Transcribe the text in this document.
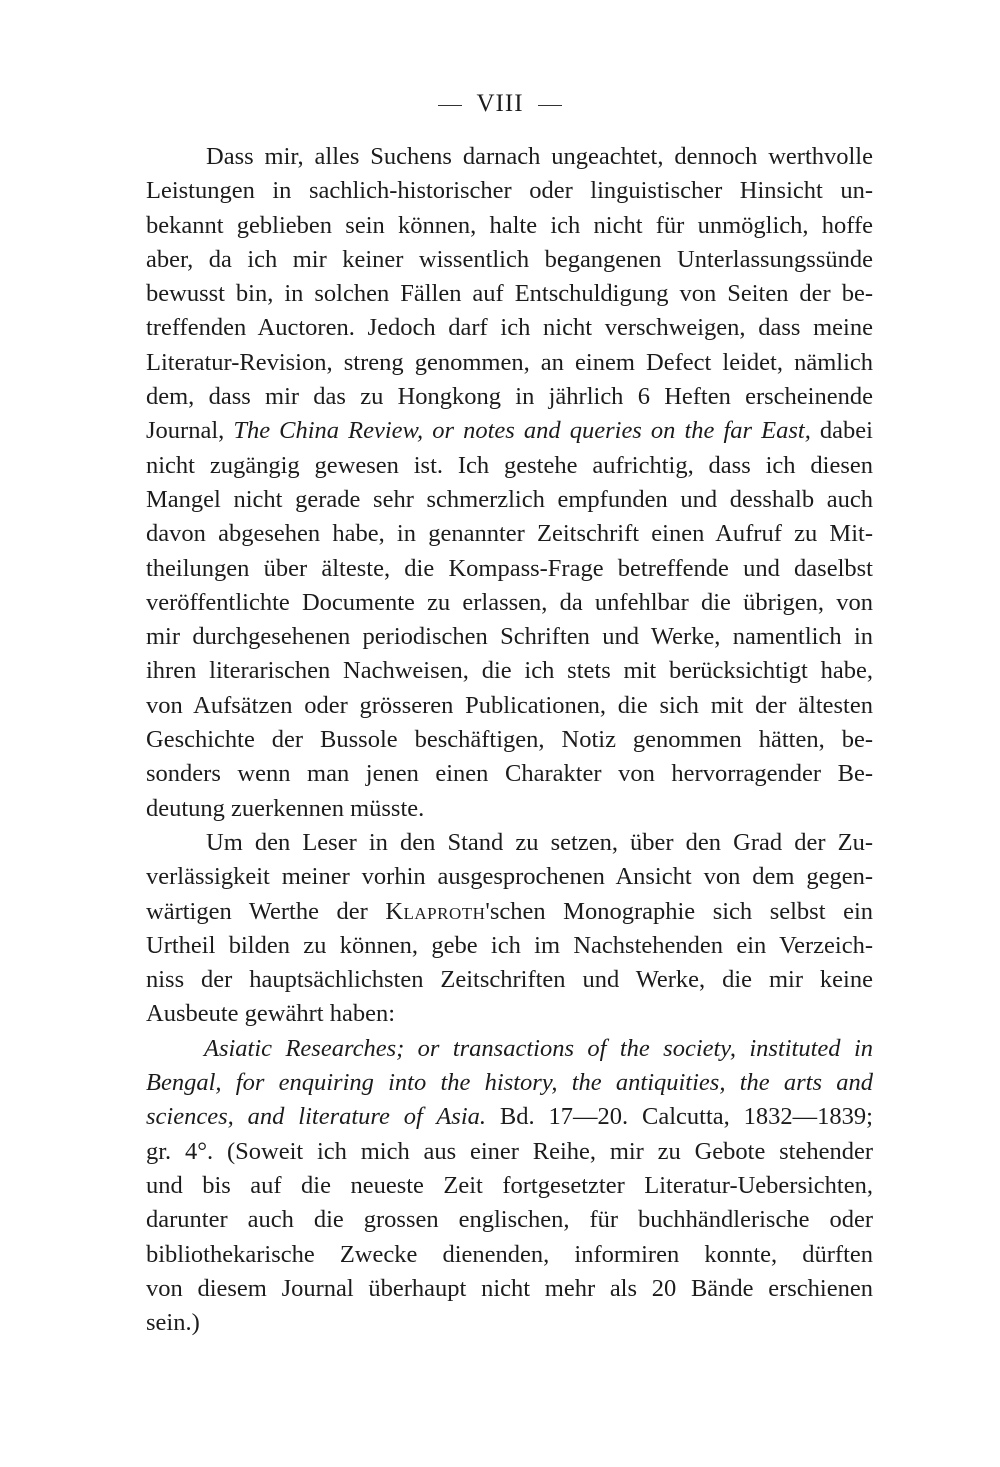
VIII
Dass mir, alles Suchens darnach ungeachtet, dennoch werthvolle
Leistungen in sachlich-historischer oder linguistischer Hinsicht un-
bekannt geblieben sein können, halte ich nicht für unmöglich, hoffe
aber, da ich mir keiner wissentlich begangenen Unterlassungssünde
bewusst bin, in solchen Fällen auf Entschuldigung von Seiten der be-
treffenden Auctoren. Jedoch darf ich nicht verschweigen, dass meine
Literatur-Revision, streng genommen, an einem Defect leidet, nämlich
dem, dass mir das zu Hongkong in jährlich 6 Heften erscheinende
Journal, The China Review, or notes and queries on the far East, dabei
nicht zugängig gewesen ist. Ich gestehe aufrichtig, dass ich diesen
Mangel nicht gerade sehr schmerzlich empfunden und desshalb auch
davon abgesehen habe, in genannter Zeitschrift einen Aufruf zu Mit-
theilungen über älteste, die Kompass-Frage betreffende und daselbst
veröffentlichte Documente zu erlassen, da unfehlbar die übrigen, von
mir durchgesehenen periodischen Schriften und Werke, namentlich in
ihren literarischen Nachweisen, die ich stets mit berücksichtigt habe,
von Aufsätzen oder grösseren Publicationen, die sich mit der ältesten
Geschichte der Bussole beschäftigen, Notiz genommen hätten, be-
sonders wenn man jenen einen Charakter von hervorragender Be-
deutung zuerkennen müsste.
Um den Leser in den Stand zu setzen, über den Grad der Zu-
verlässigkeit meiner vorhin ausgesprochenen Ansicht von dem gegen-
wärtigen Werthe der Klaproth'schen Monographie sich selbst ein
Urtheil bilden zu können, gebe ich im Nachstehenden ein Verzeich-
niss der hauptsächlichsten Zeitschriften und Werke, die mir keine
Ausbeute gewährt haben:
Asiatic Researches; or transactions of the society, instituted in
Bengal, for enquiring into the history, the antiquities, the arts and
sciences, and literature of Asia. Bd. 17—20. Calcutta, 1832—1839;
gr. 4°. (Soweit ich mich aus einer Reihe, mir zu Gebote stehender
und bis auf die neueste Zeit fortgesetzter Literatur-Uebersichten,
darunter auch die grossen englischen, für buchhändlerische oder
bibliothekarische Zwecke dienenden, informiren konnte, dürften
von diesem Journal überhaupt nicht mehr als 20 Bände erschienen
sein.)
